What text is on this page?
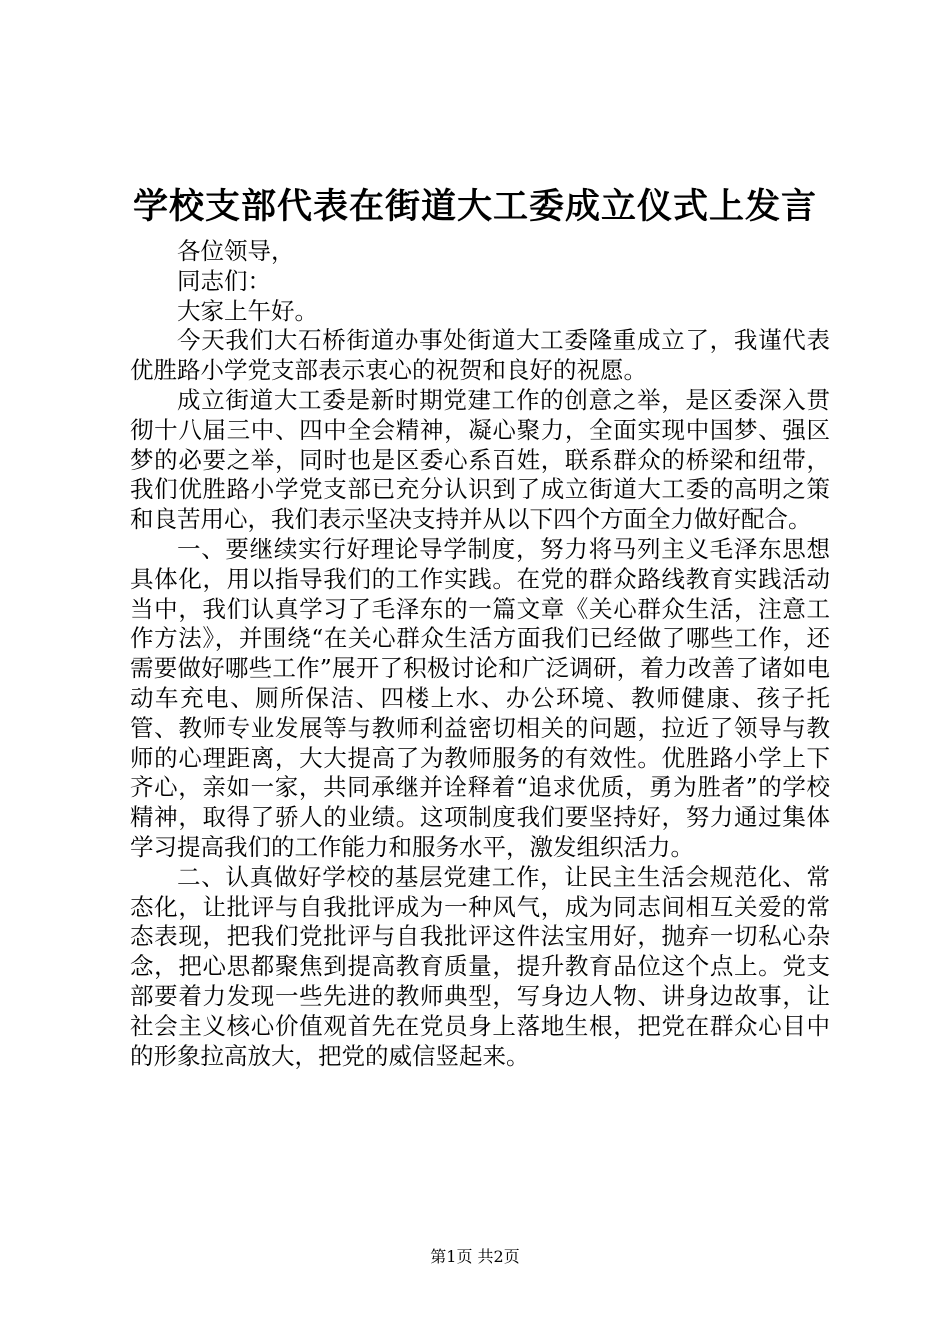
学校支部代表在街道大工委成立仪式上发言

各位领导，

同志们：

大家上午好。

今天我们大石桥街道办事处街道大工委隆重成立了，我谨代表优胜路小学党支部表示衷心的祝贺和良好的祝愿。

成立街道大工委是新时期党建工作的创意之举，是区委深入贯彻十八届三中、四中全会精神，凝心聚力，全面实现中国梦、强区梦的必要之举，同时也是区委心系百姓，联系群众的桥梁和纽带，我们优胜路小学党支部已充分认识到了成立街道大工委的高明之策和良苦用心，我们表示坚决支持并从以下四个方面全力做好配合。

一、要继续实行好理论导学制度，努力将马列主义毛泽东思想具体化，用以指导我们的工作实践。在党的群众路线教育实践活动当中，我们认真学习了毛泽东的一篇文章《关心群众生活，注意工作方法》，并围绕“在关心群众生活方面我们已经做了哪些工作，还需要做好哪些工作”展开了积极讨论和广泛调研，着力改善了诸如电动车充电、厕所保洁、四楼上水、办公环境、教师健康、孩子托管、教师专业发展等与教师利益密切相关的问题，拉近了领导与教师的心理距离，大大提高了为教师服务的有效性。优胜路小学上下齐心，亲如一家，共同承继并诠释着“追求优质，勇为胜者”的学校精神，取得了骄人的业绩。这项制度我们要坚持好，努力通过集体学习提高我们的工作能力和服务水平，激发组织活力。

二、认真做好学校的基层党建工作，让民主生活会规范化、常态化，让批评与自我批评成为一种风气，成为同志间相互关爱的常态表现，把我们党批评与自我批评这件法宝用好，抛弃一切私心杂念，把心思都聚焦到提高教育质量，提升教育品位这个点上。党支部要着力发现一些先进的教师典型，写身边人物、讲身边故事，让社会主义核心价值观首先在党员身上落地生根，把党在群众心目中的形象拉高放大，把党的威信竖起来。

第1页 共2页
